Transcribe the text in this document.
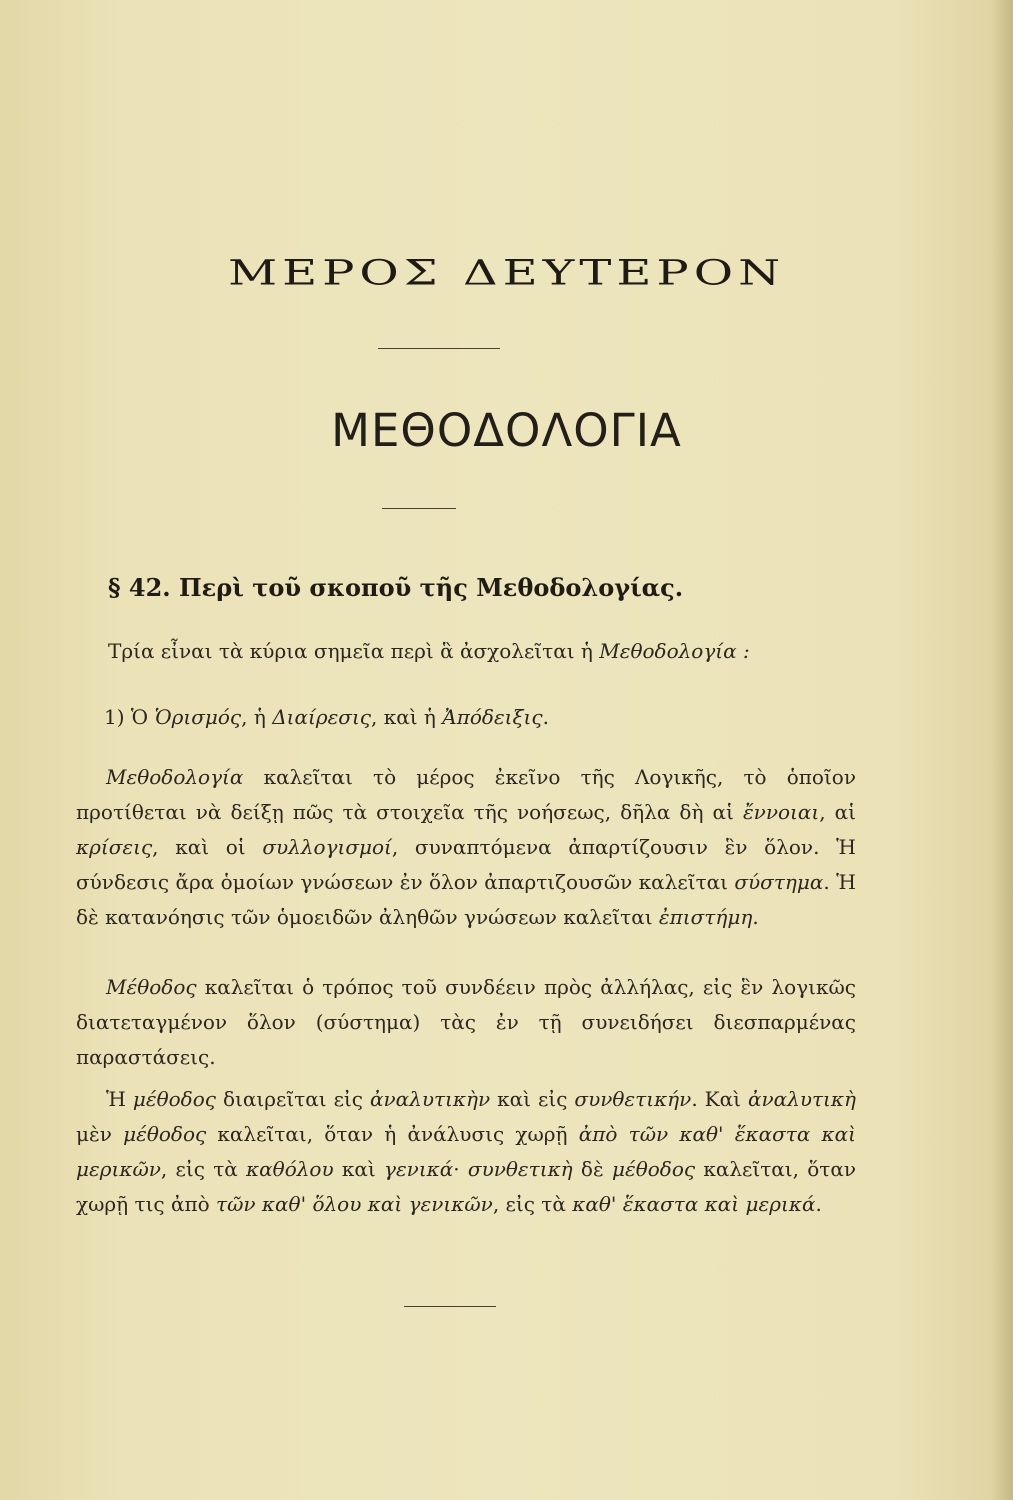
ΜΕΡΟΣ ΔΕΥΤΕΡΟΝ
ΜΕΘΟΔΟΛΟΓΙΑ
§ 42. Περὶ τοῦ σκοποῦ τῆς Μεθοδολογίας.

Τρία εἶναι τὰ κύρια σημεῖα περὶ ἃ ἀσχολεῖται ἡ Μεθοδολογία :

1) Ὁ Ὁρισμός, ἡ Διαίρεσις, καὶ ἡ Ἀπόδειξις.

Μεθοδολογία καλεῖται τὸ μέρος ἐκεῖνο τῆς Λογικῆς, τὸ ὁποῖον προτίθεται νὰ δείξῃ πῶς τὰ στοιχεῖα τῆς νοήσεως, δῆλα δὴ αἱ ἔννοιαι, αἱ κρίσεις, καὶ οἱ συλλογισμοί, συναπτόμενα ἀπαρτίζουσιν ἓν ὅλον. Ἡ σύνδεσις ἄρα ὁμοίων γνώσεων ἐν ὅλον ἀπαρτιζουσῶν καλεῖται σύστημα. Ἡ δὲ κατανόησις τῶν ὁμοειδῶν ἀληθῶν γνώσεων καλεῖται ἐπιστήμη.

Μέθοδος καλεῖται ὁ τρόπος τοῦ συνδέειν πρὸς ἀλλήλας, εἰς ἓν λογικῶς διατεταγμένον ὅλον (σύστημα) τὰς ἐν τῇ συνειδήσει διεσπαρμένας παραστάσεις.

Ἡ μέθοδος διαιρεῖται εἰς ἀναλυτικὴν καὶ εἰς συνθετικήν. Καὶ ἀναλυτικὴ μὲν μέθοδος καλεῖται, ὅταν ἡ ἀνάλυσις χωρῇ ἀπὸ τῶν καθ' ἕκαστα καὶ μερικῶν, εἰς τὰ καθόλου καὶ γενικά· συνθετικὴ δὲ μέθοδος καλεῖται, ὅταν χωρῇ τις ἀπὸ τῶν καθ' ὅλου καὶ γενικῶν, εἰς τὰ καθ' ἕκαστα καὶ μερικά.
